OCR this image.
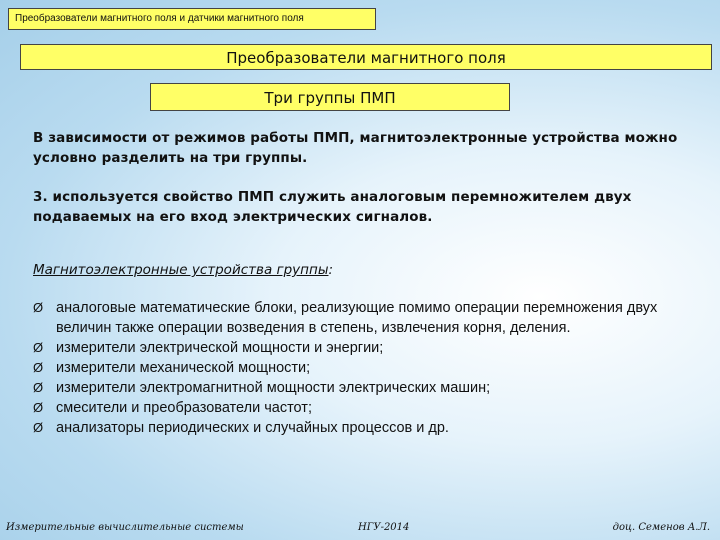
Преобразователи магнитного поля и датчики магнитного поля
Преобразователи магнитного поля
Три группы ПМП
В зависимости от режимов работы ПМП, магнитоэлектронные устройства можно условно разделить на три группы.
3. используется свойство ПМП служить аналоговым перемножителем двух подаваемых на его вход электрических сигналов.
Магнитоэлектронные устройства группы:
Ø аналоговые математические блоки, реализующие помимо операции перемножения двух величин также операции возведения в степень, извлечения корня, деления.
Ø измерители электрической мощности и энергии;
Ø измерители механической мощности;
Ø измерители электромагнитной мощности электрических машин;
Ø смесители и преобразователи частот;
Ø анализаторы периодических и случайных процессов и др.
Измерительные вычислительные системы	НГУ-2014	доц. Семенов А.Л.
